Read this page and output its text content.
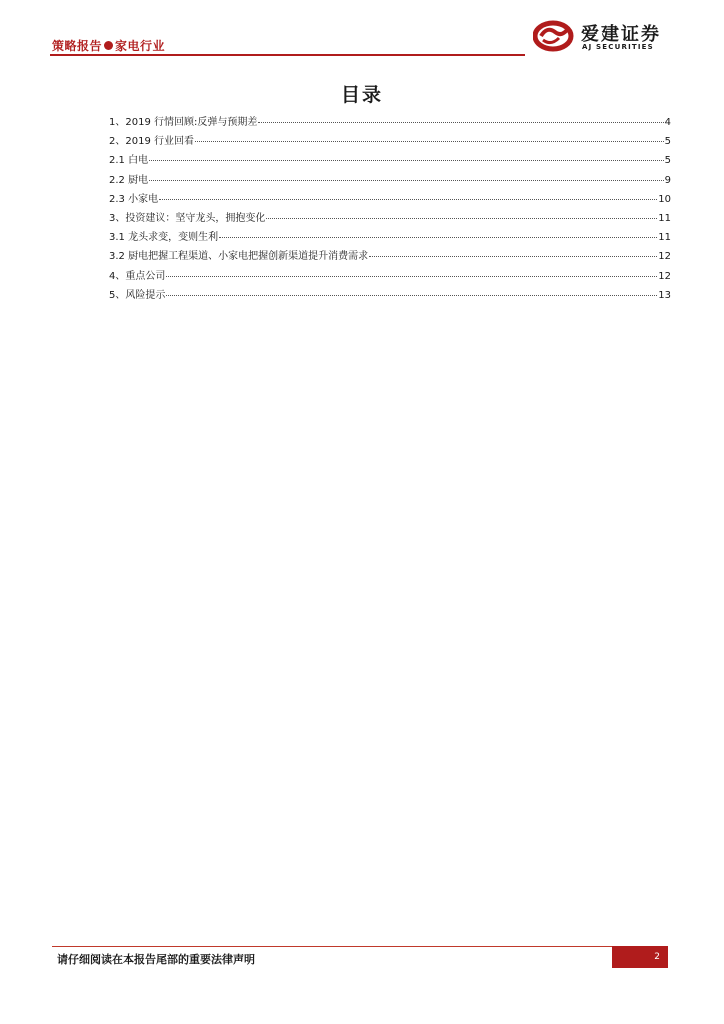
策略报告 家电行业
爱建证券
AJ SECURITIES
目录
1、2019 行情回顾:反弹与预期差	4
2、2019 行业回看	5
2.1 白电	5
2.2 厨电	9
2.3 小家电	10
3、投资建议：坚守龙头，拥抱变化	11
3.1 龙头求变，变则生利	11
3.2 厨电把握工程渠道、小家电把握创新渠道提升消费需求	12
4、重点公司	12
5、风险提示	13
请仔细阅读在本报告尾部的重要法律声明	2
